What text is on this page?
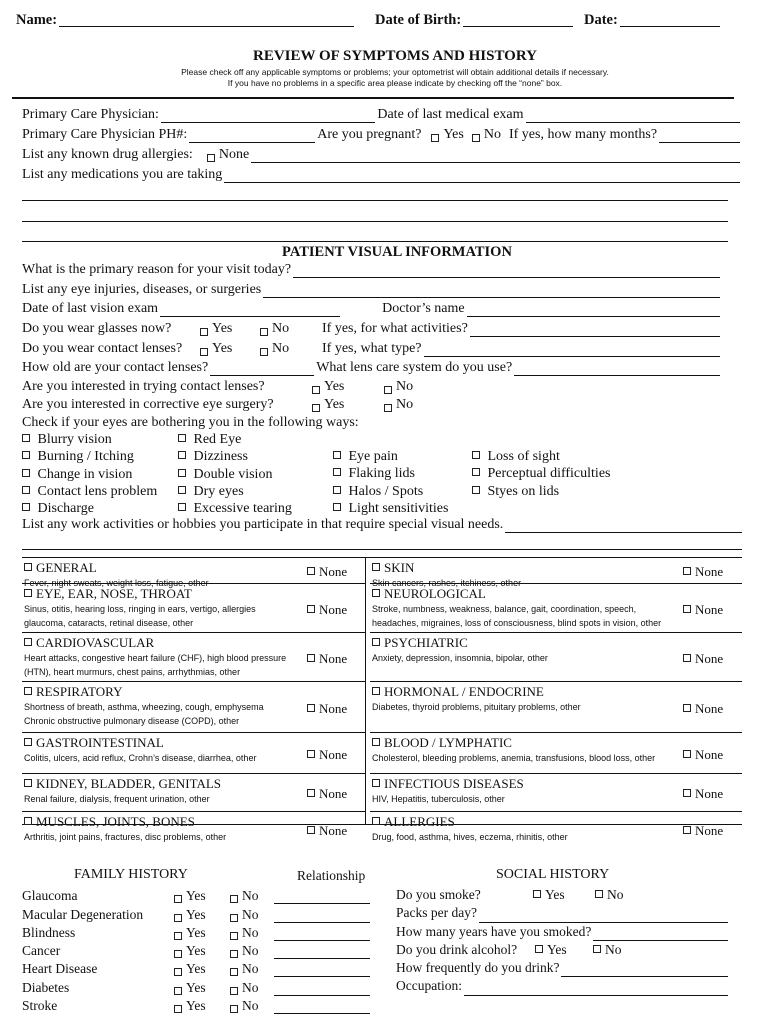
Name:	Date of Birth:	Date:
REVIEW OF SYMPTOMS AND HISTORY
Please check off any applicable symptoms or problems; your optometrist will obtain additional details if necessary.
If you have no problems in a specific area please indicate by checking off the “none” box.
Primary Care Physician:	Date of last medical exam
Primary Care Physician PH#:	Are you pregnant? Yes No If yes, how many months?
List any known drug allergies: None
List any medications you are taking
PATIENT VISUAL INFORMATION
What is the primary reason for your visit today?
List any eye injuries, diseases, or surgeries
Date of last vision exam	Doctor’s name
Do you wear glasses now?	Yes	No	If yes, for what activities?
Do you wear contact lenses?	Yes	No	If yes, what type?
How old are your contact lenses?	What lens care system do you use?
Are you interested in trying contact lenses?	Yes	No
Are you interested in corrective eye surgery?	Yes	No
Check if your eyes are bothering you in the following ways:
Blurry vision
Burning / Itching
Change in vision
Contact lens problem
Discharge
Red Eye
Dizziness
Double vision
Dry eyes
Excessive tearing
Eye pain
Flaking lids
Halos / Spots
Light sensitivities
Loss of sight
Perceptual difficulties
Styes on lids
List any work activities or hobbies you participate in that require special visual needs.
GENERAL
Fever, night sweats, weight loss, fatigue, other
None
EYE, EAR, NOSE, THROAT
Sinus, otitis, hearing loss, ringing in ears, vertigo, allergies
glaucoma, cataracts, retinal disease, other
None
CARDIOVASCULAR
Heart attacks, congestive heart failure (CHF), high blood pressure
(HTN), heart murmurs, chest pains, arrhythmias, other
None
RESPIRATORY
Shortness of breath, asthma, wheezing, cough, emphysema
Chronic obstructive pulmonary disease (COPD), other
None
GASTROINTESTINAL
Colitis, ulcers, acid reflux, Crohn’s disease, diarrhea, other	None
KIDNEY, BLADDER, GENITALS
Renal failure, dialysis, frequent urination, other	None
MUSCLES, JOINTS, BONES
Arthritis, joint pains, fractures, disc problems, other	None
SKIN
Skin cancers, rashes, itchiness, other
None
NEUROLOGICAL
Stroke, numbness, weakness, balance, gait, coordination, speech,
headaches, migraines, loss of consciousness, blind spots in vision, other
None
PSYCHIATRIC
Anxiety, depression, insomnia, bipolar, other	None
HORMONAL / ENDOCRINE
Diabetes, thyroid problems, pituitary problems, other	None
BLOOD / LYMPHATIC
Cholesterol, bleeding problems, anemia, transfusions, blood loss, other	None
INFECTIOUS DISEASES
HIV, Hepatitis, tuberculosis, other	None
ALLERGIES
Drug, food, asthma, hives, eczema, rhinitis, other	None
FAMILY HISTORY	Relationship
Glaucoma	Yes	No
Macular Degeneration	Yes	No
Blindness	Yes	No
Cancer	Yes	No
Heart Disease	Yes	No
Diabetes	Yes	No
Stroke	Yes	No
SOCIAL HISTORY
Do you smoke?	Yes	No
Packs per day?
How many years have you smoked?
Do you drink alcohol?	Yes	No
How frequently do you drink?
Occupation:
